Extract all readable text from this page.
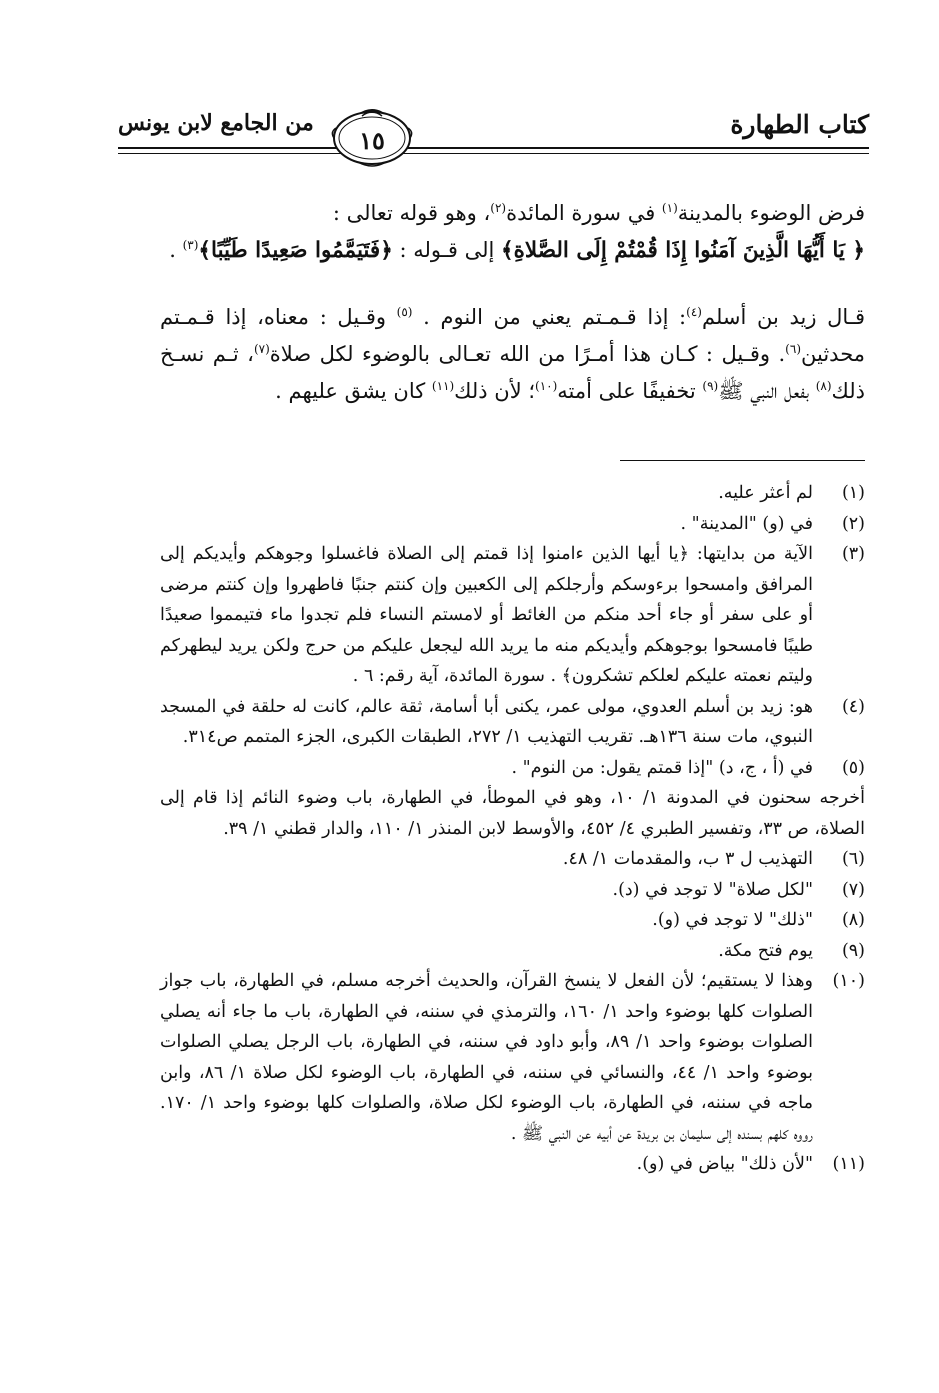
كتاب الطهارة
من الجامع لابن يونس
١٥

فرض الوضوء بالمدينة$^{(١)}$ في سورة المائدة$^{(٢)}$، وهو قوله تعالى :

﴿ يَا أَيُّهَا الَّذِينَ آمَنُوا إِذَا قُمْتُمْ إِلَى الصَّلاةِ﴾ إلى قـوله : ﴿فَتَيَمَّمُوا صَعِيدًا طَيِّبًا﴾$^{(٣)}$ .

قـال زيد بن أسلم$^{(٤)}$: إذا قـمـتم يعني من النوم . $^{(٥)}$ وقـيل : معناه، إذا قـمـتم محدثين$^{(٦)}$. وقـيل : كـان هذا أمـرًا من الله تعـالى بالوضوء لكل صلاة$^{(٧)}$، ثـم نسـخ ذلك$^{(٨)}$ بفعل النبي ﷺ$^{(٩)}$ تخفيفًا على أمته$^{(١٠)}$؛ لأن ذلك$^{(١١)}$ كان يشق عليهم .

(١)
لم أعثر عليه.
(٢)
في (و) "المدينة" .
(٣)
الآية من بدايتها: ﴿يا أيها الذين ءامنوا إذا قمتم إلى الصلاة فاغسلوا وجوهكم وأيديكم إلى المرافق وامسحوا برءوسكم وأرجلكم إلى الكعبين وإن كنتم جنبًا فاطهروا وإن كنتم مرضى أو على سفر أو جاء أحد منكم من الغائط أو لامستم النساء فلم تجدوا ماء فتيمموا صعيدًا طيبًا فامسحوا بوجوهكم وأيديكم منه ما يريد الله ليجعل عليكم من حرج ولكن يريد ليطهركم وليتم نعمته عليكم لعلكم تشكرون﴾ . سورة المائدة، آية رقم: ٦ .
(٤)
هو: زيد بن أسلم العدوي، مولى عمر، يكنى أبا أسامة، ثقة عالم، كانت له حلقة في المسجد النبوي، مات سنة ١٣٦هـ. تقريب التهذيب ١/ ٢٧٢، الطبقات الكبرى، الجزء المتمم ص٣١٤.
(٥)
في (أ ، ج، د) "إذا قمتم يقول: من النوم" .
أخرجه سحنون في المدونة ١/ ١٠، وهو في الموطأ، في الطهارة، باب وضوء النائم إذا قام إلى الصلاة، ص ٣٣، وتفسير الطبري ٤/ ٤٥٢، والأوسط لابن المنذر ١/ ١١٠، والدار قطني ١/ ٣٩.
(٦)
التهذيب ل ٣ ب، والمقدمات ١/ ٤٨.
(٧)
"لكل صلاة" لا توجد في (د).
(٨)
"ذلك" لا توجد في (و).
(٩)
يوم فتح مكة.
(١٠)
وهذا لا يستقيم؛ لأن الفعل لا ينسخ القرآن، والحديث أخرجه مسلم، في الطهارة، باب جواز الصلوات كلها بوضوء واحد ١/ ١٦٠، والترمذي في سننه، في الطهارة، باب ما جاء أنه يصلي الصلوات بوضوء واحد ١/ ٨٩، وأبو داود في سننه، في الطهارة، باب الرجل يصلي الصلوات بوضوء واحد ١/ ٤٤، والنسائي في سننه، في الطهارة، باب الوضوء لكل صلاة ١/ ٨٦، وابن ماجه في سننه، في الطهارة، باب الوضوء لكل صلاة، والصلوات كلها بوضوء واحد ١/ ١٧٠. رووه كلهم بسنده إلى سليمان بن بريدة عن أبيه عن النبي ﷺ .
(١١)
"لأن ذلك" بياض في (و).
